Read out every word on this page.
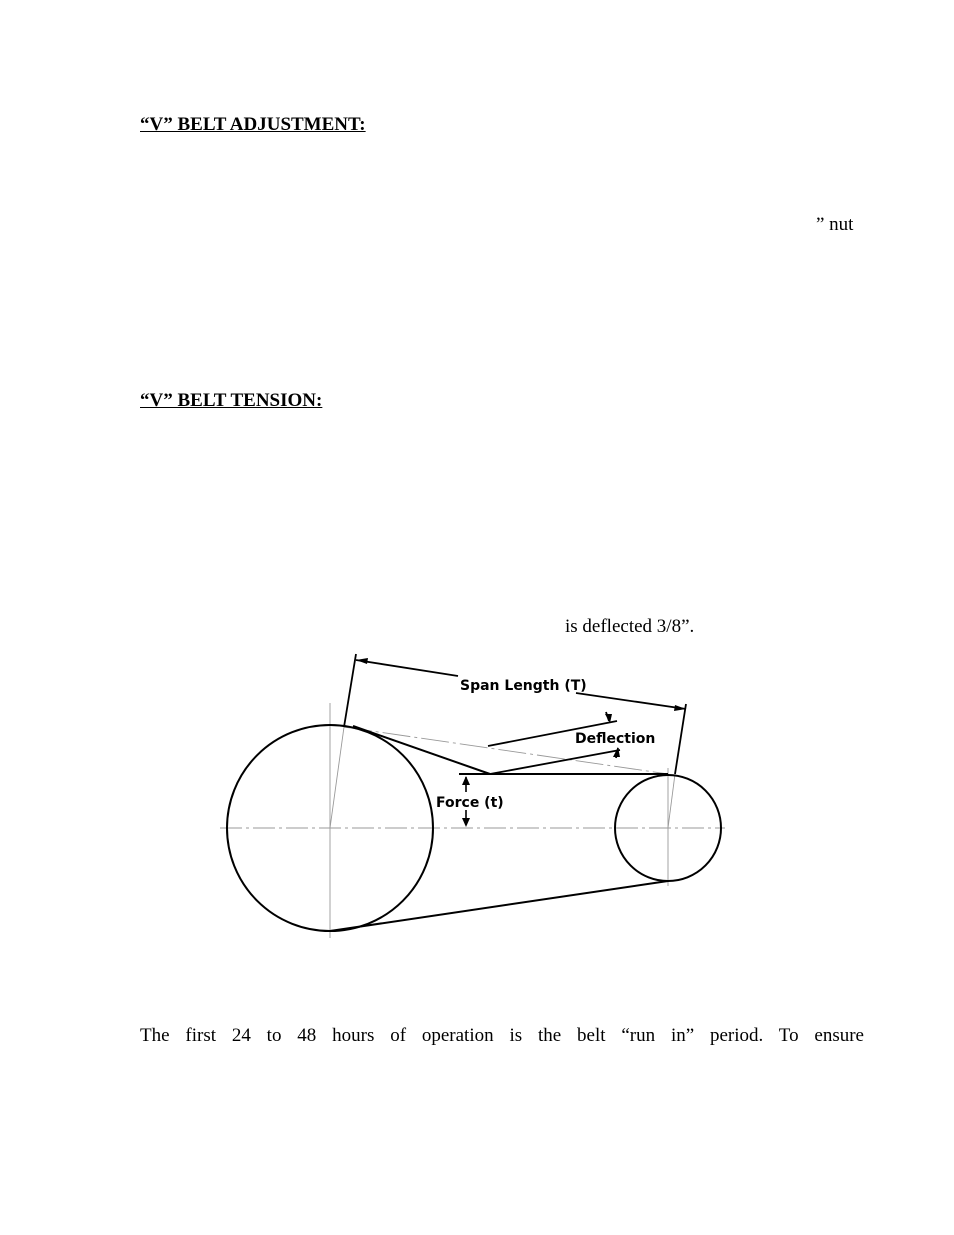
“V” BELT ADJUSTMENT:
” nut
“V” BELT TENSION:
is deflected 3/8”.
Span Length (T)
Deflection
Force (t)
The first 24 to 48 hours of operation is the belt “run in” period. To ensure
